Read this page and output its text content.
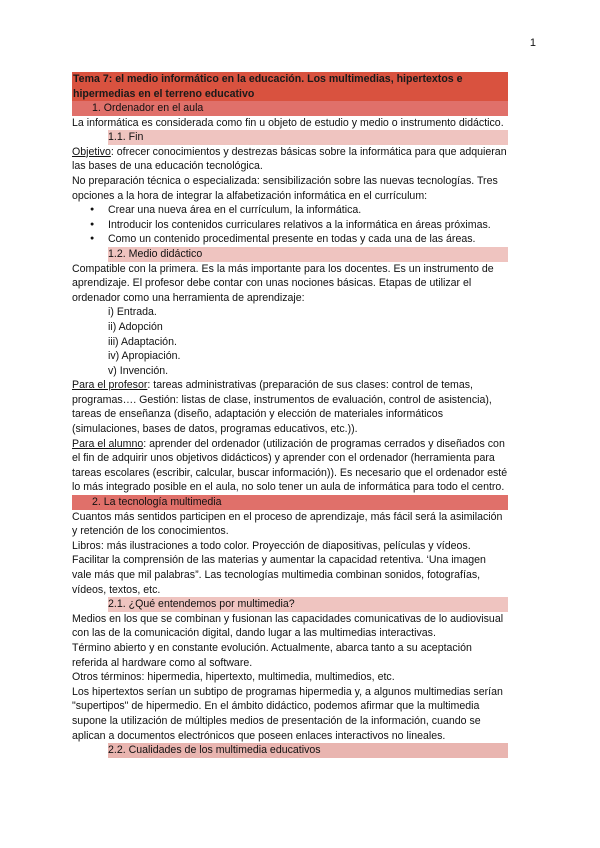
1
Tema 7: el medio informático en la educación. Los multimedias, hipertextos e hipermedias en el terreno educativo
1. Ordenador en el aula

La informática es considerada como fin u objeto de estudio y medio o instrumento didáctico.

1.1. Fin

Objetivo: ofrecer conocimientos y destrezas básicas sobre la informática para que adquieran las bases de una educación tecnológica.

No preparación técnica o especializada: sensibilización sobre las nuevas tecnologías. Tres opciones a la hora de integrar la alfabetización informática en el currículum:

● Crear una nueva área en el currículum, la informática.
● Introducir los contenidos curriculares relativos a la informática en áreas próximas.
● Como un contenido procedimental presente en todas y cada una de las áreas.
1.2. Medio didáctico

Compatible con la primera. Es la más importante para los docentes. Es un instrumento de aprendizaje. El profesor debe contar con unas nociones básicas. Etapas de utilizar el ordenador como una herramienta de aprendizaje:

i) Entrada.
ii) Adopción
iii) Adaptación.
iv) Apropiación.
v) Invención.

Para el profesor: tareas administrativas (preparación de sus clases: control de temas, programas…. Gestión: listas de clase, instrumentos de evaluación, control de asistencia), tareas de enseñanza (diseño, adaptación y elección de materiales informáticos (simulaciones, bases de datos, programas educativos, etc.)).

Para el alumno: aprender del ordenador (utilización de programas cerrados y diseñados con el fin de adquirir unos objetivos didácticos) y aprender con el ordenador (herramienta para tareas escolares (escribir, calcular, buscar información)). Es necesario que el ordenador esté lo más integrado posible en el aula, no solo tener un aula de informática para todo el centro.

2. La tecnología multimedia

Cuantos más sentidos participen en el proceso de aprendizaje, más fácil será la asimilación y retención de los conocimientos.

Libros: más ilustraciones a todo color. Proyección de diapositivas, películas y vídeos. Facilitar la comprensión de las materias y aumentar la capacidad retentiva. ‘Una imagen vale más que mil palabras”. Las tecnologías multimedia combinan sonidos, fotografías, vídeos, textos, etc.

2.1. ¿Qué entendemos por multimedia?

Medios en los que se combinan y fusionan las capacidades comunicativas de lo audiovisual con las de la comunicación digital, dando lugar a las multimedias interactivas.

Término abierto y en constante evolución. Actualmente, abarca tanto a su aceptación referida al hardware como al software.

Otros términos: hipermedia, hipertexto, multimedia, multimedios, etc.

Los hipertextos serían un subtipo de programas hipermedia y, a algunos multimedias serían "supertipos" de hipermedio. En el ámbito didáctico, podemos afirmar que la multimedia supone la utilización de múltiples medios de presentación de la información, cuando se aplican a documentos electrónicos que poseen enlaces interactivos no lineales.

2.2. Cualidades de los multimedia educativos
